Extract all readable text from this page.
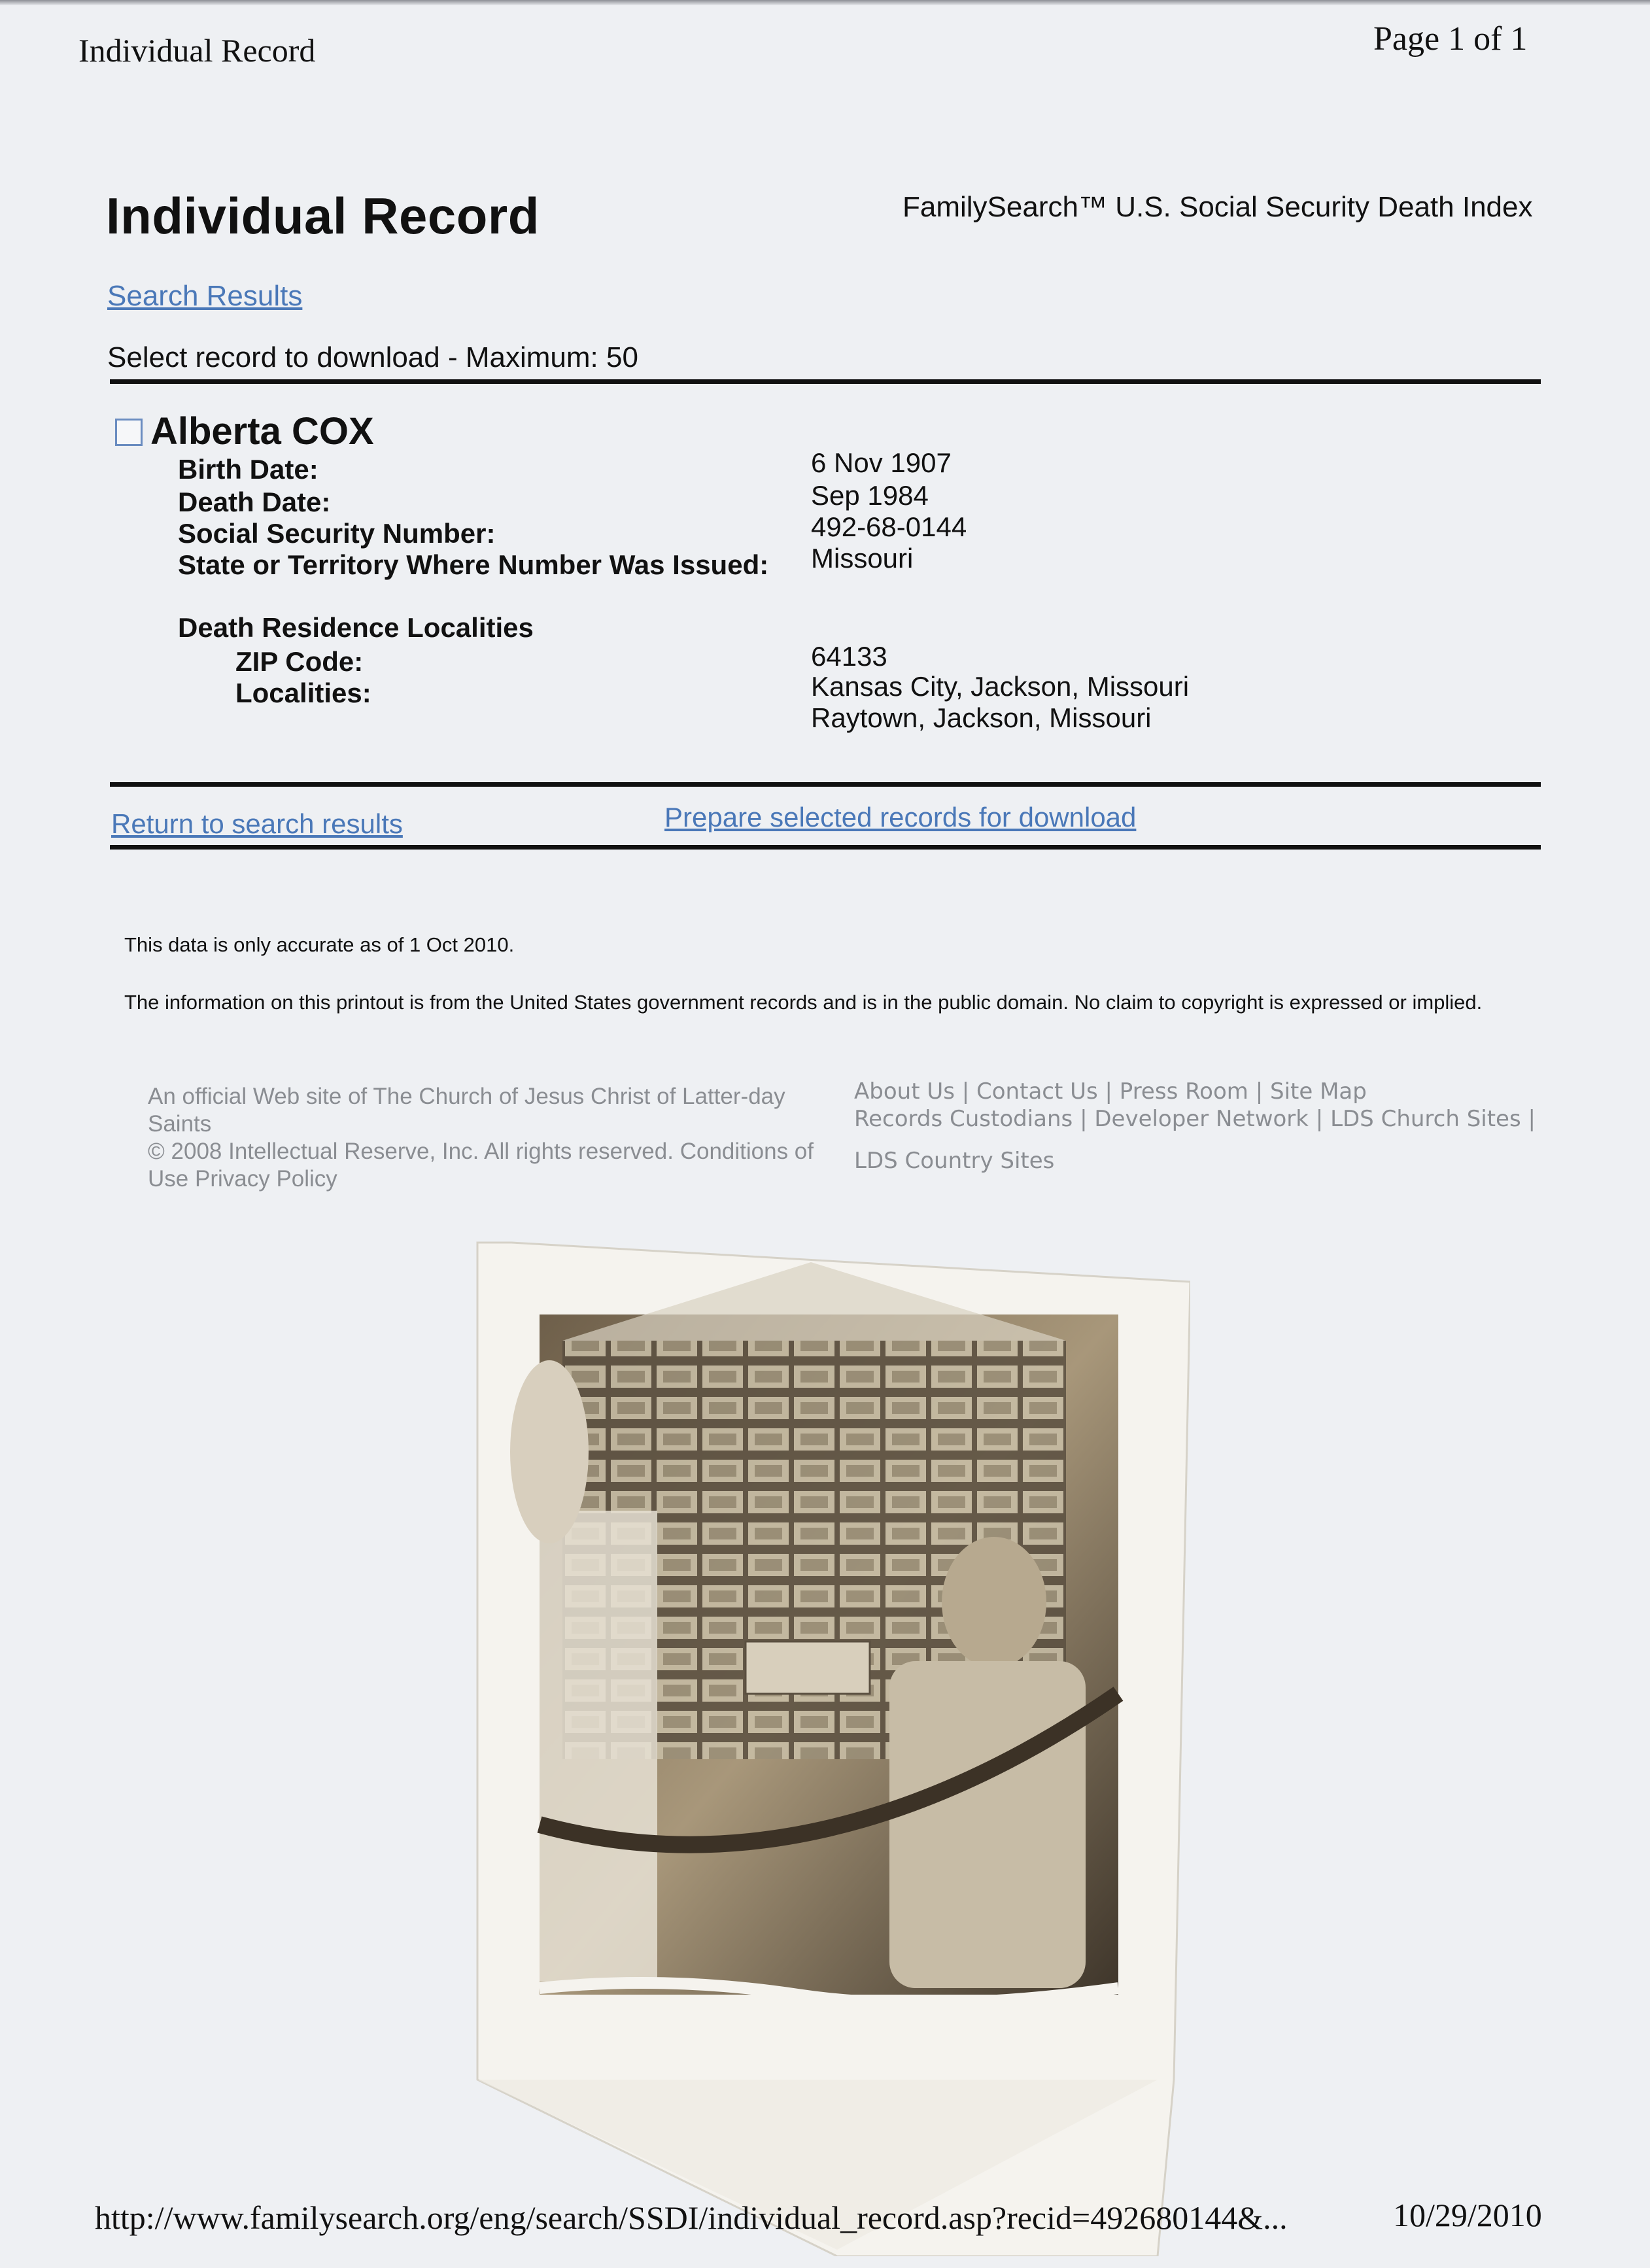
Individual Record	Page 1 of 1
Individual Record	FamilySearch™ U.S. Social Security Death Index
Search Results
Select record to download - Maximum: 50
Alberta COX
Birth Date:	6 Nov 1907
Death Date:	Sep 1984
Social Security Number:	492-68-0144
State or Territory Where Number Was Issued: Missouri
Death Residence Localities
ZIP Code:	64133
Localities:	Kansas City, Jackson, Missouri
Raytown, Jackson, Missouri
Return to search results	Prepare selected records for download
This data is only accurate as of 1 Oct 2010.
The information on this printout is from the United States government records and is in the public domain. No claim to copyright is expressed or implied.
An official Web site of The Church of Jesus Christ of Latter-day Saints
© 2008 Intellectual Reserve, Inc. All rights reserved. Conditions of Use Privacy Policy
About Us | Contact Us | Press Room | Site Map
Records Custodians | Developer Network | LDS Church Sites |
LDS Country Sites
http://www.familysearch.org/eng/search/SSDI/individual_record.asp?recid=492680144&...	10/29/2010
